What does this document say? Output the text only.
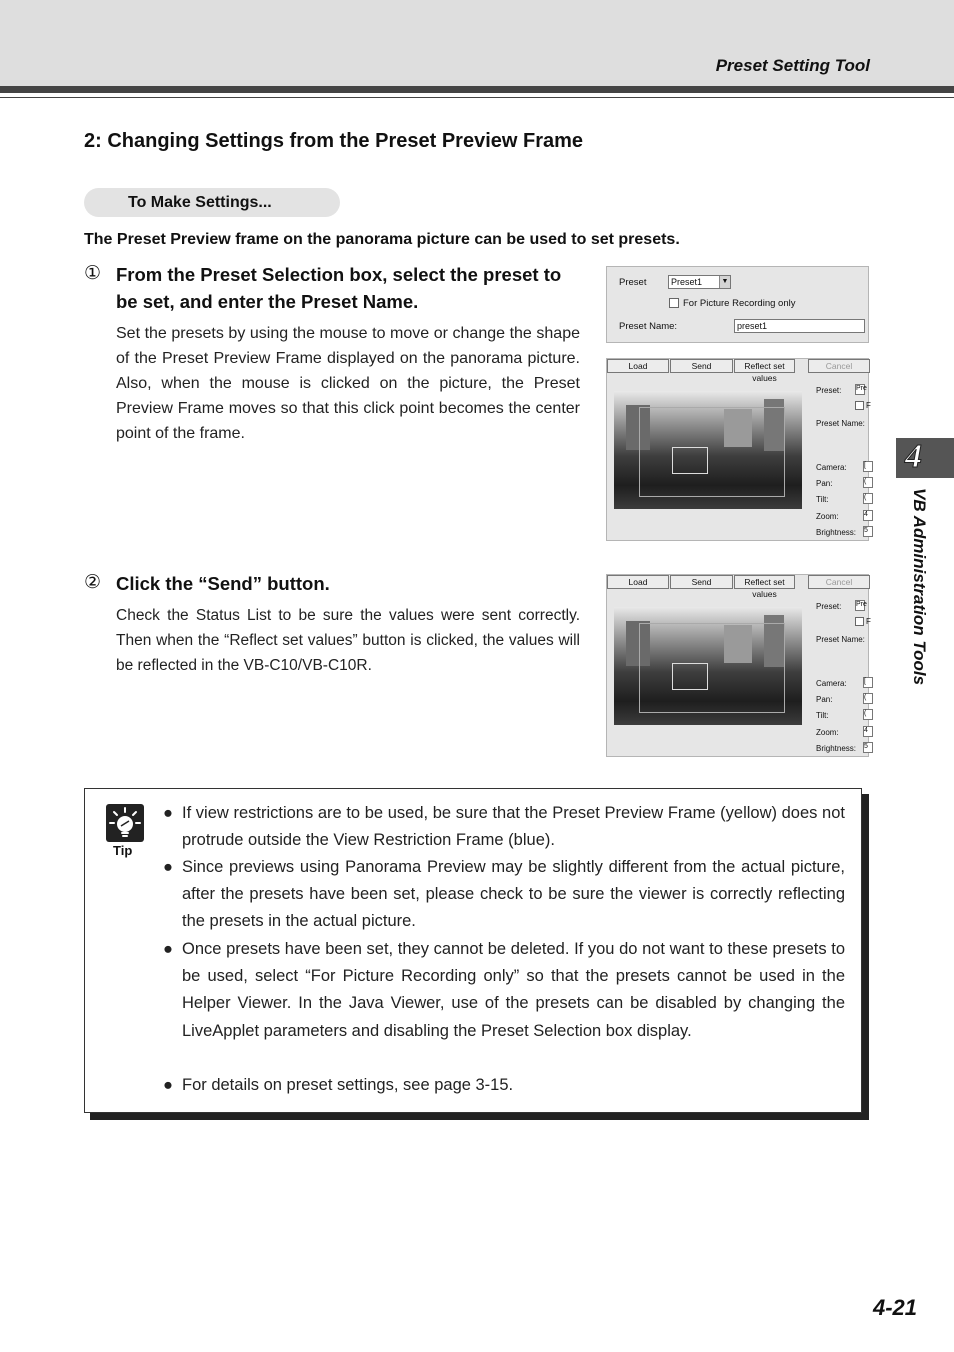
Preset Setting Tool
2: Changing Settings from the Preset Preview Frame
To Make Settings...
The Preset Preview frame on the panorama picture can be used to set presets.
① From the Preset Selection box, select the preset to be set, and enter the Preset Name.
Set the presets by using the mouse to move or change the shape of the Preset Preview Frame displayed on the panorama picture. Also, when the mouse is clicked on the picture, the Preset Preview Frame moves so that this click point becomes the center point of the frame.
② Click the “Send” button.
Check the Status List to be sure the values were sent correctly. Then when the “Reflect set values” button is clicked, the values will be reflected in the VB-C10/VB-C10R.
Preset	Preset1	▼
For Picture Recording only
Preset Name:	preset1
Load	Send	Reflect set values
Cancel
Preset: Pre
F
Preset Name:
Camera: [
Pan:	(
Tilt:	(
Zoom:	4
Brightness: 5
Load	Send	Reflect set values
Cancel
Preset: Pre
F
Preset Name:
Camera: [
Pan:	(
Tilt:	(
Zoom:	4
Brightness: 5
4
VB Administration Tools
Tip
● If view restrictions are to be used, be sure that the Preset Preview Frame (yellow) does not protrude outside the View Restriction Frame (blue).
● Since previews using Panorama Preview may be slightly different from the actual picture, after the presets have been set, please check to be sure the viewer is correctly reflecting the presets in the actual picture.
● Once presets have been set, they cannot be deleted. If you do not want to these presets to be used, select “For Picture Recording only” so that the presets cannot be used in the Helper Viewer. In the Java Viewer, use of the presets can be disabled by changing the LiveApplet parameters and disabling the Preset Selection box display.
● For details on preset settings, see page 3-15.
4-21
